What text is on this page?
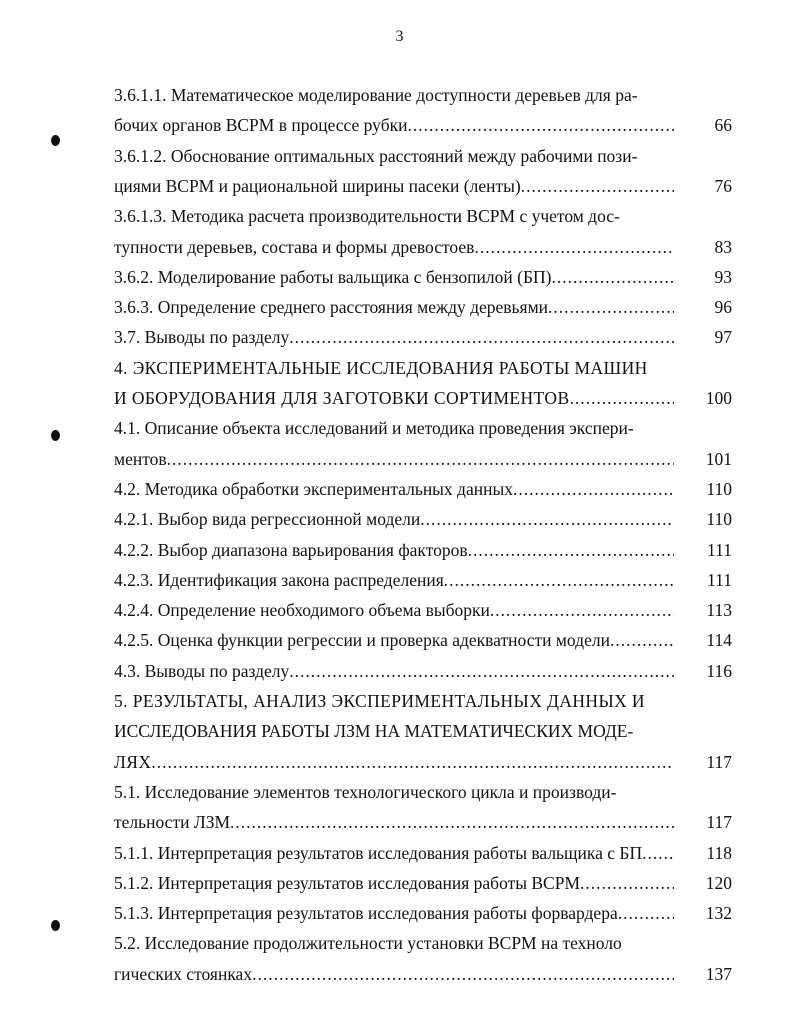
3
3.6.1.1. Математическое моделирование доступности деревьев для ра-
бочих органов ВСРМ в процессе рубки .....	66
3.6.1.2. Обоснование оптимальных расстояний между рабочими пози-
циями ВСРМ и рациональной ширины пасеки (ленты) .....	76
3.6.1.3. Методика расчета производительности ВСРМ с учетом дос-
тупности деревьев, состава и формы древостоев .....	83
3.6.2. Моделирование работы вальщика с бензопилой (БП) .....	93
3.6.3. Определение среднего расстояния между деревьями .....	96
3.7. Выводы по разделу .....	97
4. ЭКСПЕРИМЕНТАЛЬНЫЕ ИССЛЕДОВАНИЯ РАБОТЫ МАШИН
И ОБОРУДОВАНИЯ ДЛЯ ЗАГОТОВКИ СОРТИМЕНТОВ .....	100
4.1. Описание объекта исследований и методика проведения экспери-
ментов .....	101
4.2. Методика обработки экспериментальных данных .....	110
4.2.1. Выбор вида регрессионной модели .....	110
4.2.2. Выбор диапазона варьирования факторов .....	111
4.2.3. Идентификация закона распределения .....	111
4.2.4. Определение необходимого объема выборки .....	113
4.2.5. Оценка функции регрессии и проверка адекватности модели .....	114
4.3. Выводы по разделу .....	116
5. РЕЗУЛЬТАТЫ, АНАЛИЗ ЭКСПЕРИМЕНТАЛЬНЫХ ДАННЫХ И
ИССЛЕДОВАНИЯ РАБОТЫ ЛЗМ НА МАТЕМАТИЧЕСКИХ МОДЕ-
ЛЯХ .....	117
5.1. Исследование элементов технологического цикла и производи-
тельности ЛЗМ .....	117
5.1.1. Интерпретация результатов исследования работы вальщика с БП .....	118
5.1.2. Интерпретация результатов исследования работы ВСРМ .....	120
5.1.3. Интерпретация результатов исследования работы форвардера .....	132
5.2. Исследование продолжительности установки ВСРМ на техноло
гических стоянках .....	137
